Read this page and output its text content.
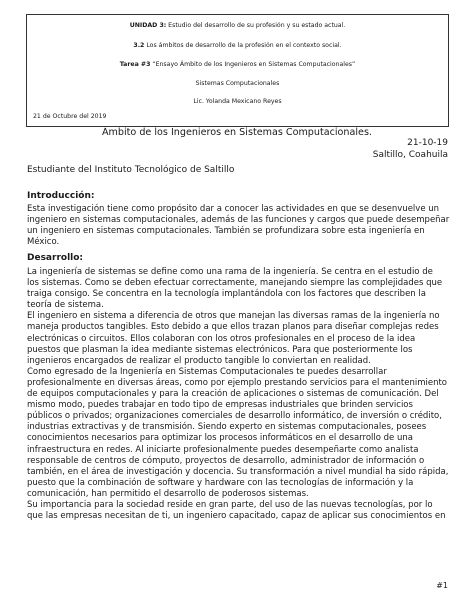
UNIDAD 3: Estudio del desarrollo de su profesión y su estado actual.
3.2 Los ámbitos de desarrollo de la profesión en el contexto social.
Tarea #3 “Ensayo Ámbito de los Ingenieros en Sistemas Computacionales”
Sistemas Computacionales
Lic. Yolanda Mexicano Reyes
21 de Octubre del 2019
Ámbito de los Ingenieros en Sistemas Computacionales.
21-10-19
Saltillo, Coahuila
Estudiante del Instituto Tecnológico de Saltillo
Introducción:
Esta investigación tiene como propósito dar a conocer las actividades en que se desenvuelve un
ingeniero en sistemas computacionales, además de las funciones y cargos que puede desempeñar
un ingeniero en sistemas computacionales. También se profundizara sobre esta ingeniería en
México.
Desarrollo:
La ingeniería de sistemas se define como una rama de la ingeniería. Se centra en el estudio de
los sistemas. Como se deben efectuar correctamente, manejando siempre las complejidades que
traiga consigo. Se concentra en la tecnología implantándola con los factores que describen la
teoría de sistema.
El ingeniero en sistema a diferencia de otros que manejan las diversas ramas de la ingeniería no
maneja productos tangibles. Esto debido a que ellos trazan planos para diseñar complejas redes
electrónicas o circuitos. Ellos colaboran con los otros profesionales en el proceso de la idea
puestos que plasman la idea mediante sistemas electrónicos. Para que posteriormente los
ingenieros encargados de realizar el producto tangible lo conviertan en realidad.
Como egresado de la Ingeniería en Sistemas Computacionales te puedes desarrollar
profesionalmente en diversas áreas, como por ejemplo prestando servicios para el mantenimiento
de equipos computacionales y para la creación de aplicaciones o sistemas de comunicación. Del
mismo modo, puedes trabajar en todo tipo de empresas industriales que brinden servicios
públicos o privados; organizaciones comerciales de desarrollo informático, de inversión o crédito,
industrias extractivas y de transmisión. Siendo experto en sistemas computacionales, posees
conocimientos necesarios para optimizar los procesos informáticos en el desarrollo de una
infraestructura en redes. Al iniciarte profesionalmente puedes desempeñarte como analista
responsable de centros de cómputo, proyectos de desarrollo, administrador de información o
también, en el área de investigación y docencia. Su transformación a nivel mundial ha sido rápida,
puesto que la combinación de software y hardware con las tecnologías de información y la
comunicación, han permitido el desarrollo de poderosos sistemas.
Su importancia para la sociedad reside en gran parte, del uso de las nuevas tecnologías, por lo
que las empresas necesitan de ti, un ingeniero capacitado, capaz de aplicar sus conocimientos en
#1
